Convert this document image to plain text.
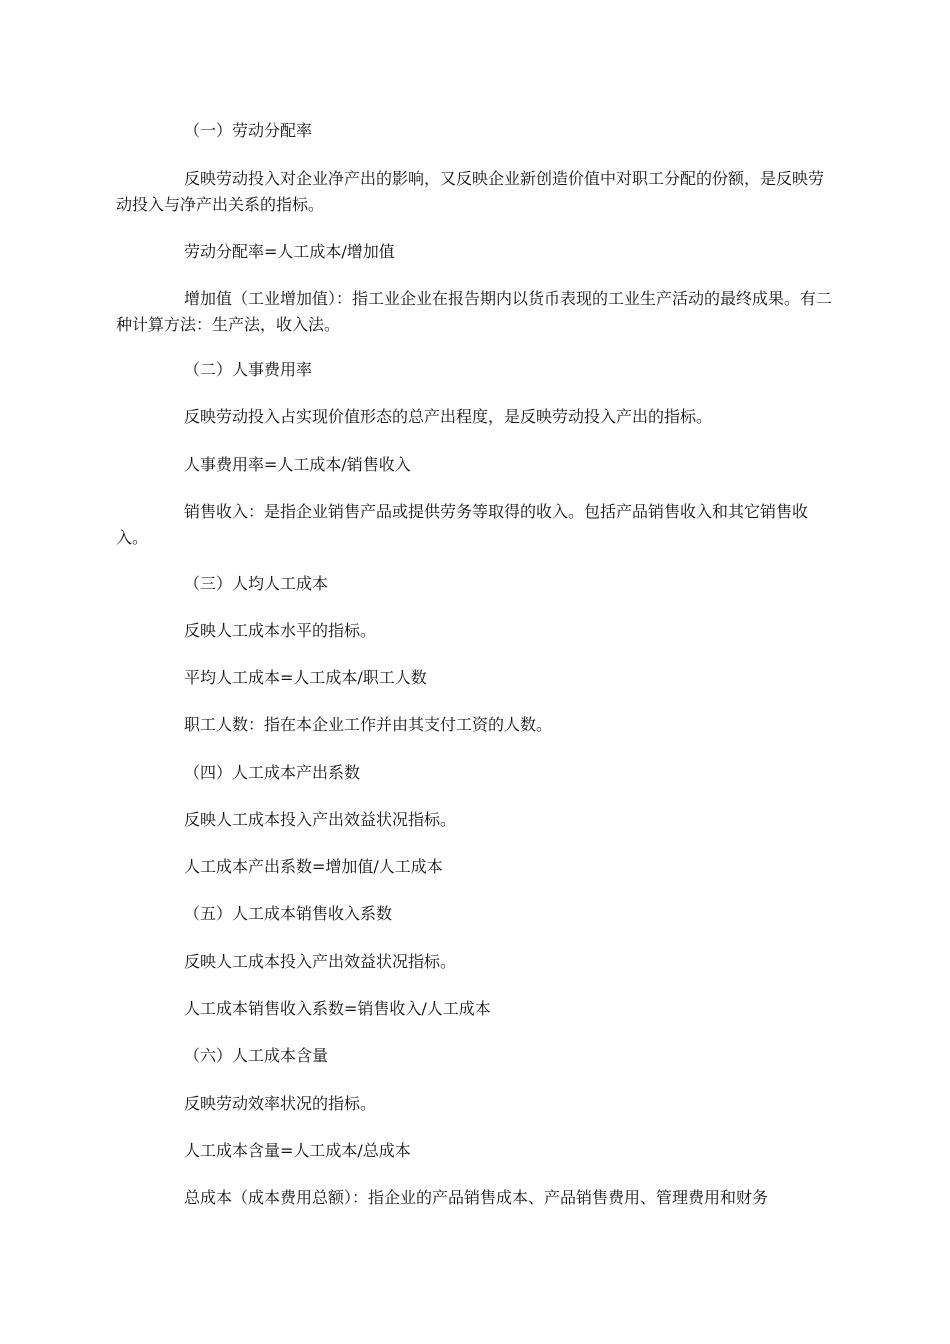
（一）劳动分配率

反映劳动投入对企业净产出的影响，又反映企业新创造价值中对职工分配的份额，是反映劳动投入与净产出关系的指标。

劳动分配率=人工成本/增加值

增加值（工业增加值）：指工业企业在报告期内以货币表现的工业生产活动的最终成果。有二种计算方法：生产法，收入法。

（二）人事费用率

反映劳动投入占实现价值形态的总产出程度，是反映劳动投入产出的指标。

人事费用率=人工成本/销售收入

销售收入：是指企业销售产品或提供劳务等取得的收入。包括产品销售收入和其它销售收入。

（三）人均人工成本

反映人工成本水平的指标。

平均人工成本=人工成本/职工人数

职工人数：指在本企业工作并由其支付工资的人数。

（四）人工成本产出系数

反映人工成本投入产出效益状况指标。

人工成本产出系数=增加值/人工成本

（五）人工成本销售收入系数

反映人工成本投入产出效益状况指标。

人工成本销售收入系数=销售收入/人工成本

（六）人工成本含量

反映劳动效率状况的指标。

人工成本含量=人工成本/总成本

总成本（成本费用总额）：指企业的产品销售成本、产品销售费用、管理费用和财务
